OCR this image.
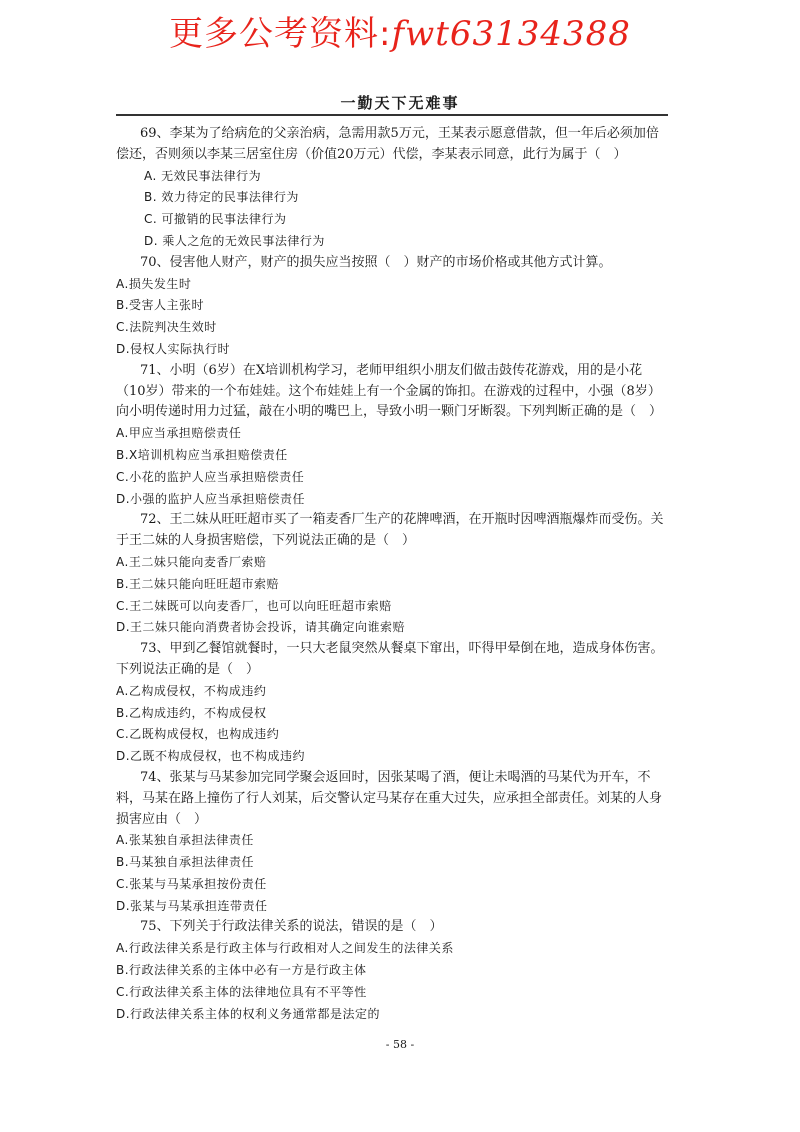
更多公考资料:fwt63134388
一勤天下无难事

69、李某为了给病危的父亲治病，急需用款5万元，王某表示愿意借款，但一年后必须加倍偿还，否则须以李某三居室住房（价值20万元）代偿，李某表示同意，此行为属于（　）

A. 无效民事法律行为
B. 效力待定的民事法律行为
C. 可撤销的民事法律行为
D. 乘人之危的无效民事法律行为

70、侵害他人财产，财产的损失应当按照（　）财产的市场价格或其他方式计算。

A.损失发生时
B.受害人主张时
C.法院判决生效时
D.侵权人实际执行时

71、小明（6岁）在X培训机构学习，老师甲组织小朋友们做击鼓传花游戏，用的是小花（10岁）带来的一个布娃娃。这个布娃娃上有一个金属的饰扣。在游戏的过程中，小强（8岁）向小明传递时用力过猛，敲在小明的嘴巴上，导致小明一颗门牙断裂。下列判断正确的是（　）

A.甲应当承担赔偿责任
B.X培训机构应当承担赔偿责任
C.小花的监护人应当承担赔偿责任
D.小强的监护人应当承担赔偿责任

72、王二妹从旺旺超市买了一箱麦香厂生产的花牌啤酒，在开瓶时因啤酒瓶爆炸而受伤。关于王二妹的人身损害赔偿，下列说法正确的是（　）

A.王二妹只能向麦香厂索赔
B.王二妹只能向旺旺超市索赔
C.王二妹既可以向麦香厂，也可以向旺旺超市索赔
D.王二妹只能向消费者协会投诉，请其确定向谁索赔

73、甲到乙餐馆就餐时，一只大老鼠突然从餐桌下窜出，吓得甲晕倒在地，造成身体伤害。下列说法正确的是（　）

A.乙构成侵权，不构成违约
B.乙构成违约，不构成侵权
C.乙既构成侵权，也构成违约
D.乙既不构成侵权，也不构成违约

74、张某与马某参加完同学聚会返回时，因张某喝了酒，便让未喝酒的马某代为开车，不料，马某在路上撞伤了行人刘某，后交警认定马某存在重大过失，应承担全部责任。刘某的人身损害应由（　）

A.张某独自承担法律责任
B.马某独自承担法律责任
C.张某与马某承担按份责任
D.张某与马某承担连带责任

75、下列关于行政法律关系的说法，错误的是（　）

A.行政法律关系是行政主体与行政相对人之间发生的法律关系
B.行政法律关系的主体中必有一方是行政主体
C.行政法律关系主体的法律地位具有不平等性
D.行政法律关系主体的权利义务通常都是法定的
- 58 -
